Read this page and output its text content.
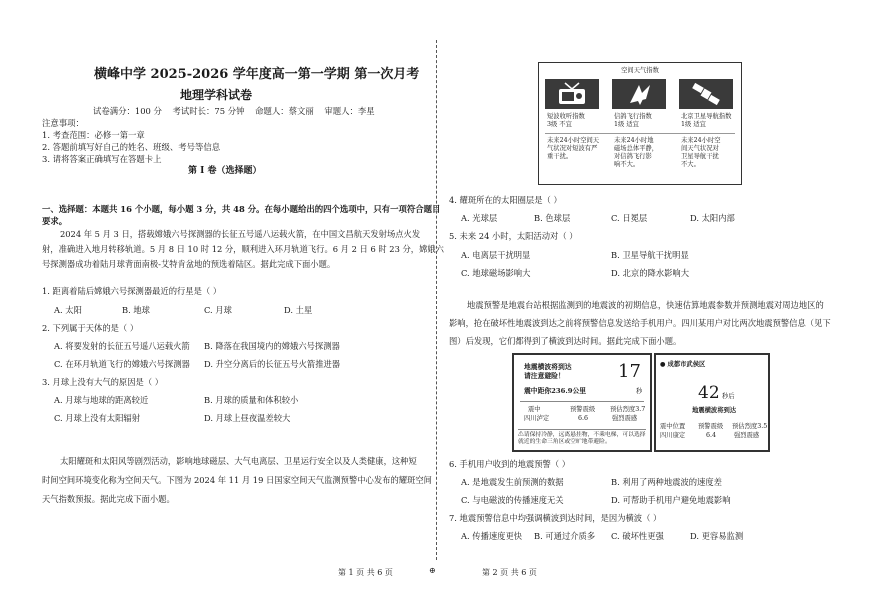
横峰中学 2025-2026 学年度高一第一学期 第一次月考
地理学科试卷
试卷满分：100 分    考试时长：75 分钟    命题人：蔡文丽    审题人：李星
注意事项：
1. 考查范围：必修一第一章
2. 答题前填写好自己的姓名、班级、考号等信息
3. 请将答案正确填写在答题卡上
第 I 卷（选择题）
一、选择题：本题共 16 个小题，每小题 3 分，共 48 分。在每小题给出的四个选项中，只有一项符合题目
要求。
2024 年 5 月 3 日，搭载嫦娥六号探测器的长征五号遥八运载火箭，在中国文昌航天发射场点火发
射，准确进入地月转移轨道。5 月 8 日 10 时 12 分，顺利进入环月轨道飞行。6 月 2 日 6 时 23 分，嫦娥六
号探测器成功着陆月球背面南极-艾特肯盆地的预选着陆区。据此完成下面小题。
1. 距离着陆后嫦娥六号探测器最近的行星是（ ）
A. 太阳	B. 地球	C. 月球	D. 土星
2. 下列属于天体的是（ ）
A. 将要发射的长征五号遥八运载火箭 B. 降落在我国境内的嫦娥六号探测器
C. 在环月轨道飞行的嫦娥六号探测器 D. 升空分离后的长征五号火箭推进器
3. 月球上没有大气的原因是（ ）
A. 月球与地球的距离较近	B. 月球的质量和体积较小
C. 月球上没有太阳辐射	D. 月球上昼夜温差较大
太阳耀斑和太阳风等剧烈活动，影响地球磁层、大气电离层、卫星运行安全以及人类健康，这种短
时间空间环境变化称为空间天气。下图为 2024 年 11 月 19 日国家空间天气监测预警中心发布的耀斑空间
天气指数预报。据此完成下面小题。
空间天气指数
短波收听指数
3级 不宜
信鸽飞行指数
1级 适宜
北京卫星导航指数
1级 适宜
未来24小时空间天
气状况对短波有严
重干扰。
未来24小时地
磁场总体平静，
对信鸽飞行影
响不大。
未来24小时空
间天气状况对
卫星导航干扰
不大。
4. 耀斑所在的太阳圈层是（ ）
A. 光球层	B. 色球层	C. 日冕层	D. 太阳内部
5. 未来 24 小时，太阳活动对（ ）
A. 电离层干扰明显	B. 卫星导航干扰明显
C. 地球磁场影响大	D. 北京的降水影响大
地震预警是地震台站根据监测到的地震波的初期信息，快速估算地震参数并预测地震对周边地区的
影响，抢在破坏性地震波到达之前将预警信息发送给手机用户。四川某用户对比两次地震预警信息（见下
图）后发现，它们都得到了横波到达时间。据此完成下面小题。
地震横波将到达
请注意避险！	17
秒
震中距你236.9公里
震中
四川泸定
预警震级
6.6
预估烈度3.7
强烈震感
⚠请保持冷静，远离悬挂物，不乘电梯，可以选择就近的生命三角区或空旷地带避险。
● 成都市武侯区
42 秒后
地震横波将到达
震中位置
四川康定
预警震级
6.4
预估烈度3.5
强烈震感
6. 手机用户收到的地震预警（ ）
A. 是地震发生前预测的数据	B. 利用了两种地震波的速度差
C. 与电磁波的传播速度无关	D. 可帮助手机用户避免地震影响
7. 地震预警信息中均强调横波到达时间，是因为横波（ ）
A. 传播速度更快 B. 可通过介质多 C. 破坏性更强	D. 更容易监测
第 1 页 共 6 页	⊕	第 2 页 共 6 页
